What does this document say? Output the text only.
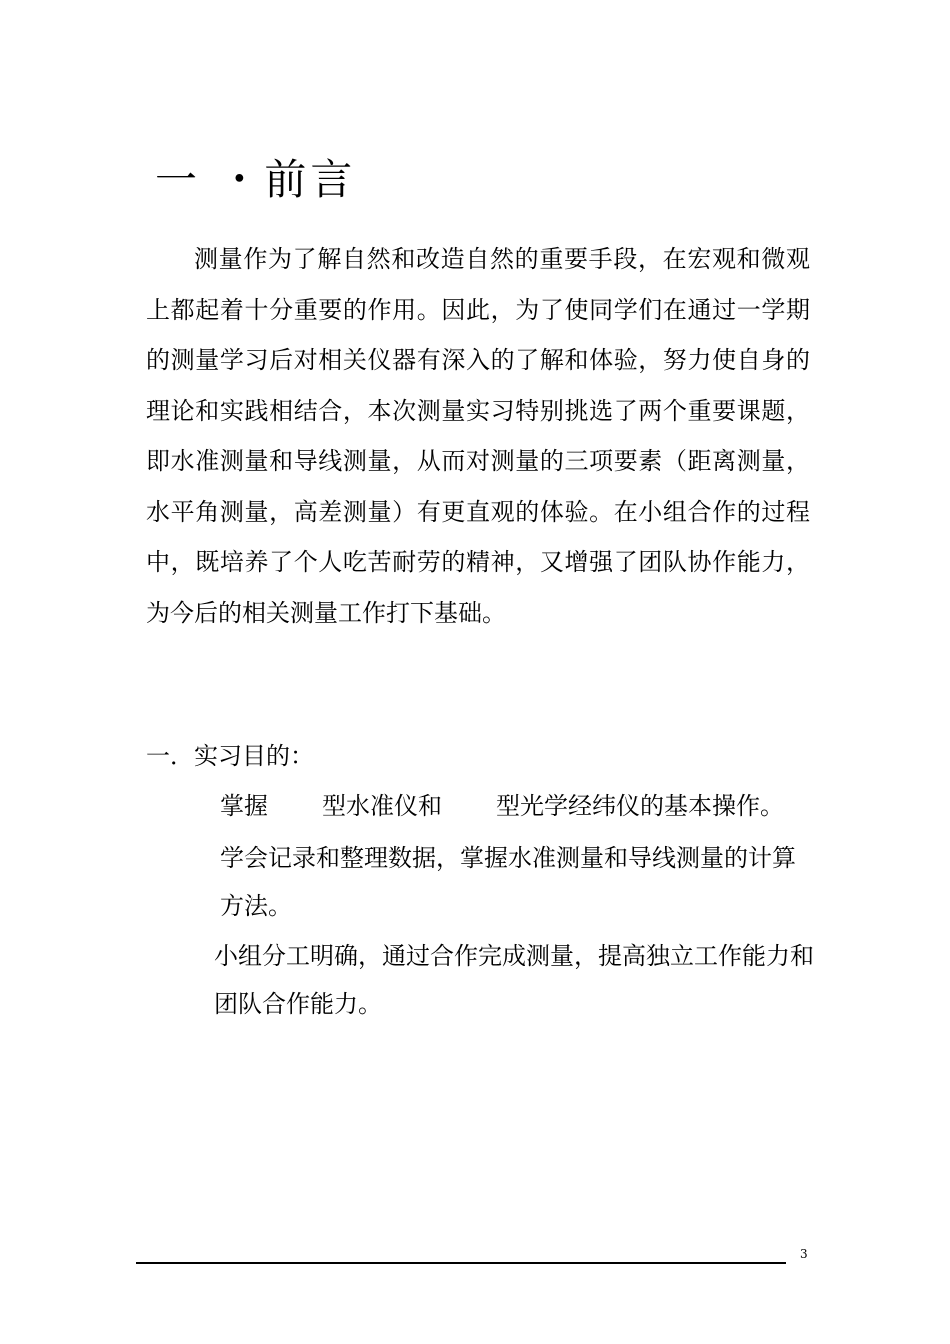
一 ・前言
测量作为了解自然和改造自然的重要手段，在宏观和微观上都起着十分重要的作用。因此，为了使同学们在通过一学期的测量学习后对相关仪器有深入的了解和体验，努力使自身的理论和实践相结合，本次测量实习特别挑选了两个重要课题，即水准测量和导线测量，从而对测量的三项要素（距离测量，水平角测量，高差测量）有更直观的体验。在小组合作的过程中，既培养了个人吃苦耐劳的精神，又增强了团队协作能力，为今后的相关测量工作打下基础。
一．实习目的：
掌握 型水准仪和 型光学经纬仪的基本操作。
学会记录和整理数据，掌握水准测量和导线测量的计算方法。
小组分工明确，通过合作完成测量，提高独立工作能力和团队合作能力。
3
